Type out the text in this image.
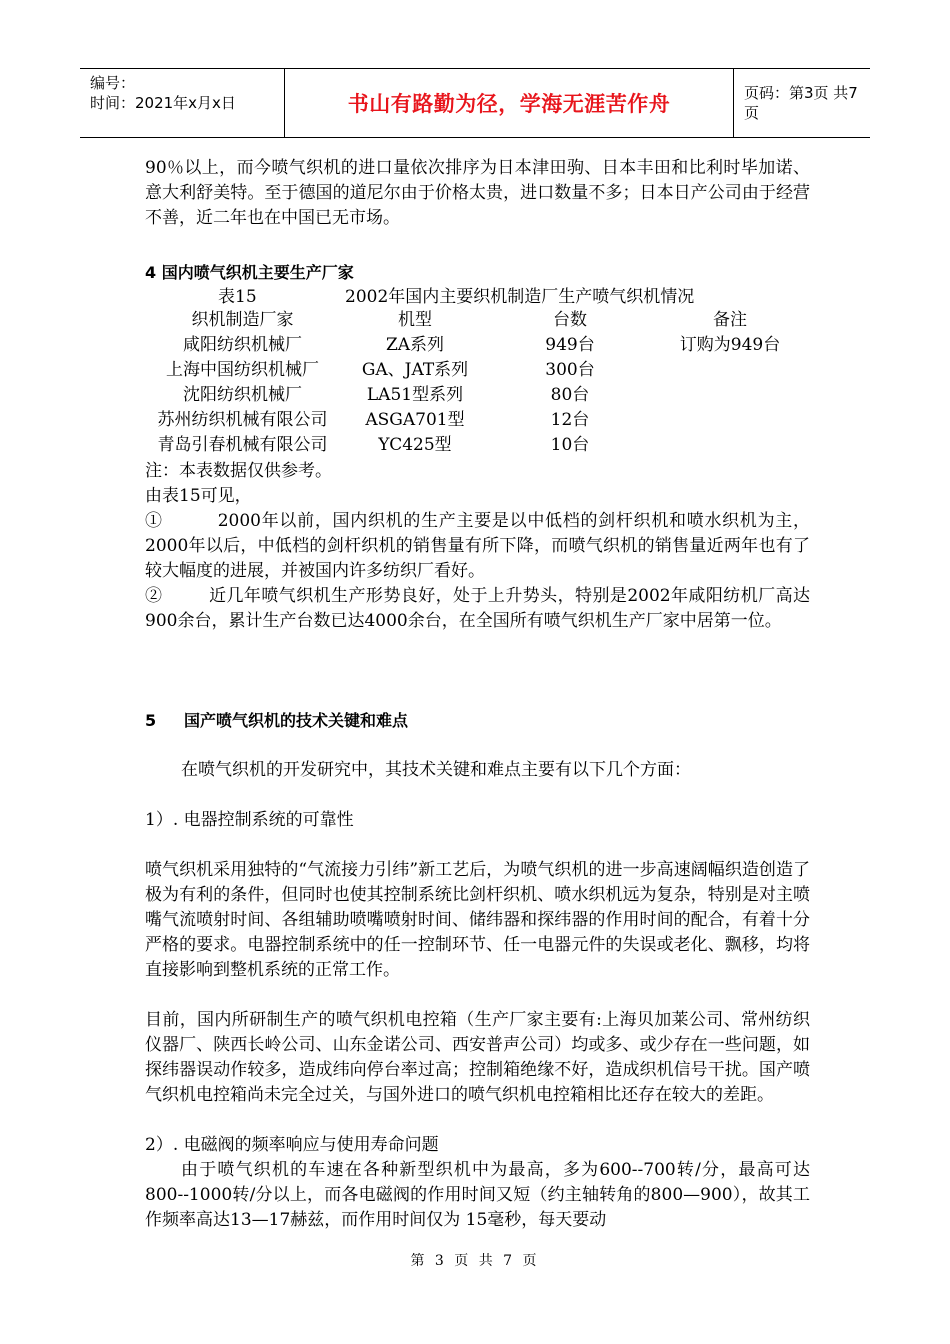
编号：
时间：2021年x月x日	书山有路勤为径，学海无涯苦作舟	页码：第3页 共7页

90％以上，而今喷气织机的进口量依次排序为日本津田驹、日本丰田和比利时毕加诺、意大利舒美特。至于德国的道尼尔由于价格太贵，进口数量不多；日本日产公司由于经营不善，近二年也在中国已无市场。

4 国内喷气织机主要生产厂家

表15	2002年国内主要织机制造厂生产喷气织机情况
织机制造厂家	机型	台数	备注
咸阳纺织机械厂	ZA系列	949台	订购为949台
上海中国纺织机械厂	GA、JAT系列	300台
沈阳纺织机械厂	LA51型系列	80台
苏州纺织机械有限公司	ASGA701型	12台
青岛引春机械有限公司	YC425型	10台

注：本表数据仅供参考。

由表15可见，

①         2000年以前，国内织机的生产主要是以中低档的剑杆织机和喷水织机为主，2000年以后，中低档的剑杆织机的销售量有所下降，而喷气织机的销售量近两年也有了较大幅度的进展，并被国内许多纺织厂看好。

②        近几年喷气织机生产形势良好，处于上升势头，特别是2002年咸阳纺机厂高达900余台，累计生产台数已达4000余台，在全国所有喷气织机生产厂家中居第一位。

5     国产喷气织机的技术关键和难点

在喷气织机的开发研究中，其技术关键和难点主要有以下几个方面：

1）. 电器控制系统的可靠性

喷气织机采用独特的“气流接力引纬”新工艺后，为喷气织机的进一步高速阔幅织造创造了极为有利的条件，但同时也使其控制系统比剑杆织机、喷水织机远为复杂，特别是对主喷嘴气流喷射时间、各组辅助喷嘴喷射时间、储纬器和探纬器的作用时间的配合，有着十分严格的要求。电器控制系统中的任一控制环节、任一电器元件的失误或老化、飘移，均将直接影响到整机系统的正常工作。

目前，国内所研制生产的喷气织机电控箱（生产厂家主要有:上海贝加莱公司、常州纺织仪器厂、陕西长岭公司、山东金诺公司、西安普声公司）均或多、或少存在一些问题，如探纬器误动作较多，造成纬向停台率过高；控制箱绝缘不好，造成织机信号干扰。国产喷气织机电控箱尚未完全过关，与国外进口的喷气织机电控箱相比还存在较大的差距。

2）. 电磁阀的频率响应与使用寿命问题

由于喷气织机的车速在各种新型织机中为最高，多为600--700转/分，最高可达800--1000转/分以上，而各电磁阀的作用时间又短（约主轴转角的800—900），故其工作频率高达13—17赫兹，而作用时间仅为 15毫秒，每天要动

第 3 页 共 7 页
